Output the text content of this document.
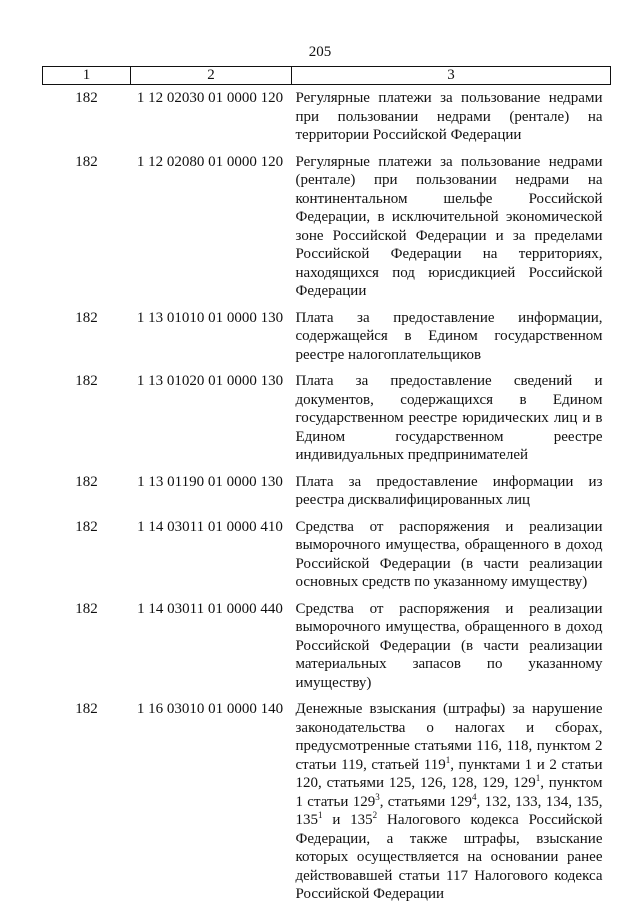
205
1	2	3
182	1 12 02030 01 0000 120	Регулярные платежи за пользование недрами при пользовании недрами (рентале) на территории Российской Федерации
182	1 12 02080 01 0000 120	Регулярные платежи за пользование недрами (рентале) при пользовании недрами на континентальном шельфе Российской Федерации, в исключительной экономической зоне Российской Федерации и за пределами Российской Федерации на территориях, находящихся под юрисдикцией Российской Федерации
182	1 13 01010 01 0000 130	Плата за предоставление информации, содержащейся в Едином государственном реестре налогоплательщиков
182	1 13 01020 01 0000 130	Плата за предоставление сведений и документов, содержащихся в Едином государственном реестре юридических лиц и в Едином государственном реестре индивидуальных предпринимателей
182	1 13 01190 01 0000 130	Плата за предоставление информации из реестра дисквалифицированных лиц
182	1 14 03011 01 0000 410	Средства от распоряжения и реализации выморочного имущества, обращенного в доход Российской Федерации (в части реализации основных средств по указанному имуществу)
182	1 14 03011 01 0000 440	Средства от распоряжения и реализации выморочного имущества, обращенного в доход Российской Федерации (в части реализации материальных запасов по указанному имуществу)
182	1 16 03010 01 0000 140	Денежные взыскания (штрафы) за нарушение законодательства о налогах и сборах, предусмотренные статьями 116, 118, пунктом 2 статьи 119, статьей $119^1$, пунктами 1 и 2 статьи 120, статьями 125, 126, 128, 129, $129^1$, пунктом 1 статьи $129^3$, статьями $129^4$, 132, 133, 134, 135, $135^1$ и $135^2$ Налогового кодекса Российской Федерации, а также штрафы, взыскание которых осуществляется на основании ранее действовавшей статьи 117 Налогового кодекса Российской Федерации
